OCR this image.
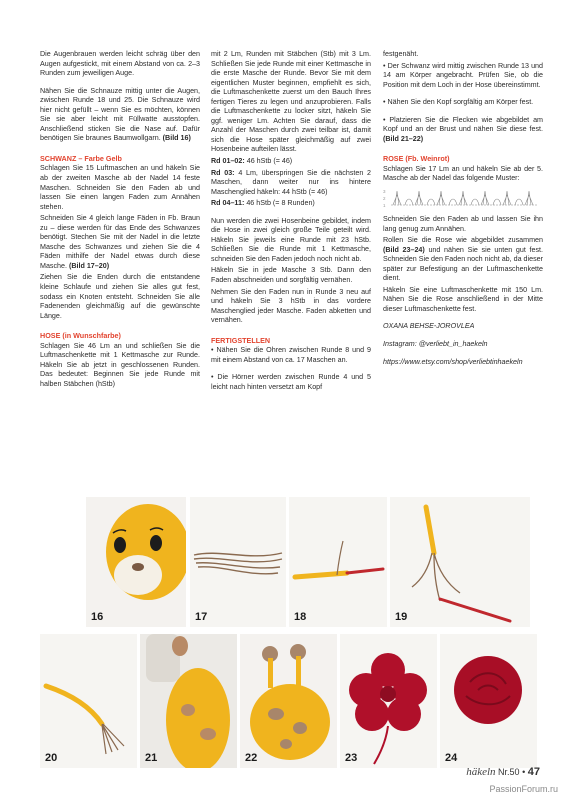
Die Augenbrauen werden leicht schräg über den Augen aufgestickt, mit einem Abstand von ca. 2–3 Runden zum jeweiligen Auge.

Nähen Sie die Schnauze mittig unter die Augen, zwischen Runde 18 und 25. Die Schnauze wird hier nicht gefüllt – wenn Sie es möchten, können Sie sie aber leicht mit Füllwatte ausstopfen. Anschließend sticken Sie die Nase auf. Dafür benötigen Sie braunes Baumwollgarn. (Bild 16)

SCHWANZ – Farbe Gelb

Schlagen Sie 15 Luftmaschen an und häkeln Sie ab der zweiten Masche ab der Nadel 14 feste Maschen. Schneiden Sie den Faden ab und lassen Sie einen langen Faden zum Annähen stehen.

Schneiden Sie 4 gleich lange Fäden in Fb. Braun zu – diese werden für das Ende des Schwanzes benötigt. Stechen Sie mit der Nadel in die letzte Masche des Schwanzes und ziehen Sie die 4 Fäden mithilfe der Nadel etwas durch diese Masche. (Bild 17–20)

Ziehen Sie die Enden durch die entstandene kleine Schlaufe und ziehen Sie alles gut fest, sodass ein Knoten entsteht. Schneiden Sie alle Fadenenden gleichmäßig auf die gewünschte Länge.

HOSE (in Wunschfarbe)

Schlagen Sie 46 Lm an und schließen Sie die Luftmaschenkette mit 1 Kettmasche zur Runde. Häkeln Sie ab jetzt in geschlossenen Runden. Das bedeutet: Beginnen Sie jede Runde mit halben Stäbchen (hStb)

mit 2 Lm, Runden mit Stäbchen (Stb) mit 3 Lm. Schließen Sie jede Runde mit einer Kettmasche in die erste Masche der Runde. Bevor Sie mit dem eigentlichen Muster beginnen, empfiehlt es sich, die Luftmaschenkette zuerst um den Bauch Ihres fertigen Tieres zu legen und anzuprobieren. Falls die Luftmaschenkette zu locker sitzt, häkeln Sie ggf. weniger Lm. Achten Sie darauf, dass die Anzahl der Maschen durch zwei teilbar ist, damit sich die Hose später gleichmäßig auf zwei Hosenbeine aufteilen lässt.

Rd 01–02: 46 hStb (= 46)

Rd 03: 4 Lm, überspringen Sie die nächsten 2 Maschen, dann weiter nur ins hintere Maschenglied häkeln: 44 hStb (= 46)

Rd 04–11: 46 hStb (= 8 Runden)

Nun werden die zwei Hosenbeine gebildet, indem die Hose in zwei gleich große Teile geteilt wird. Häkeln Sie jeweils eine Runde mit 23 hStb. Schließen Sie die Runde mit 1 Kettmasche, schneiden Sie den Faden jedoch noch nicht ab.

Häkeln Sie in jede Masche 3 Stb. Dann den Faden abschneiden und sorgfältig vernähen.

Nehmen Sie den Faden nun in Runde 3 neu auf und häkeln Sie 3 hStb in das vordere Maschenglied jeder Masche. Faden abketten und vernähen.

FERTIGSTELLEN

• Nähen Sie die Ohren zwischen Runde 8 und 9 mit einem Abstand von ca. 17 Maschen an.

• Die Hörner werden zwischen Runde 4 und 5 leicht nach hinten versetzt am Kopf

festgenäht.

• Der Schwanz wird mittig zwischen Runde 13 und 14 am Körper angebracht. Prüfen Sie, ob die Position mit dem Loch in der Hose übereinstimmt.

• Nähen Sie den Kopf sorgfältig am Körper fest.

• Platzieren Sie die Flecken wie abgebildet am Kopf und an der Brust und nähen Sie diese fest. (Bild 21–22)

ROSE (Fb. Weinrot)

Schlagen Sie 17 Lm an und häkeln Sie ab der 5. Masche ab der Nadel das folgende Muster:

3
2
1

Schneiden Sie den Faden ab und lassen Sie ihn lang genug zum Annähen.

Rollen Sie die Rose wie abgebildet zusammen (Bild 23–24) und nähen Sie sie unten gut fest. Schneiden Sie den Faden noch nicht ab, da dieser später zur Befestigung an der Luftmaschenkette dient.

Häkeln Sie eine Luftmaschenkette mit 150 Lm. Nähen Sie die Rose anschließend in der Mitte dieser Luftmaschenkette fest.

OXANA BEHSE-JOROVLEA

Instagram: @verliebt_in_haekeln

https://www.etsy.com/shop/verliebtinhaekeln

16	17	18	19
20	21	22	23	24
häkeln Nr.50 • 47
PassionForum.ru
